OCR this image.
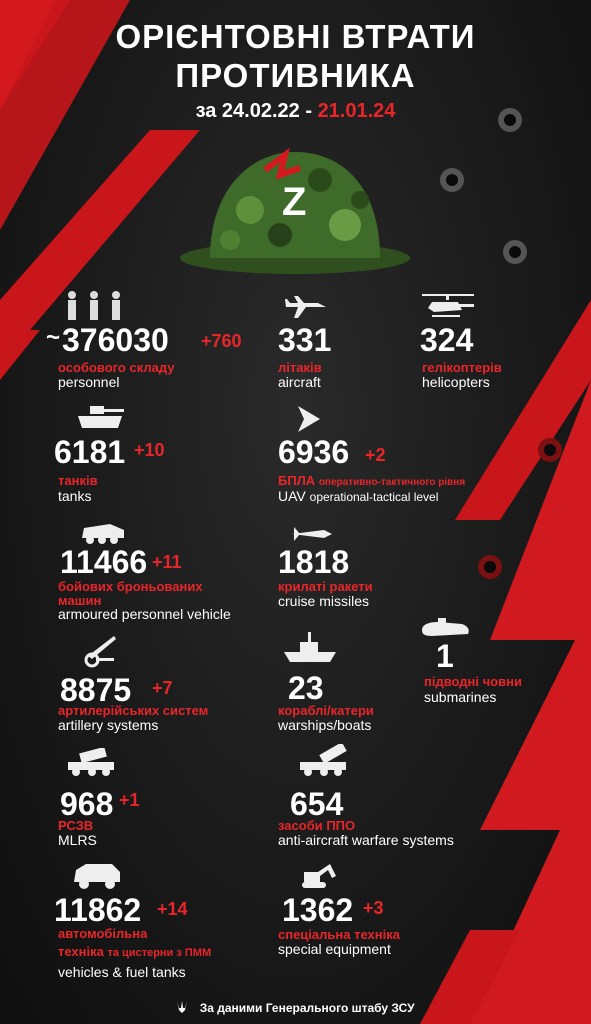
ОРІЄНТОВНІ ВТРАТИ
ПРОТИВНИКА
за 24.02.22 - 21.01.24
Z
~ 376030 +760
особового складу
personnel
331
літаків
aircraft
324
гелікоптерів
helicopters
6181 +10
танків
tanks
6936 +2
БПЛА оперативно-тактичного рівня
UAV operational-tactical level
11466 +11
бойових броньованих
машин
armoured personnel vehicle
1818
крилаті ракети
cruise missiles
1
підводні човни
submarines
8875 +7
артилерійських систем
artillery systems
23
кораблі/катери
warships/boats
968 +1
РСЗВ
MLRS
654
засоби ППО
anti-aircraft warfare systems
11862 +14
автомобільна
техніка та цистерни з ПММ
vehicles & fuel tanks
1362 +3
спеціальна техніка
special equipment
За даними Генерального штабу ЗСУ
